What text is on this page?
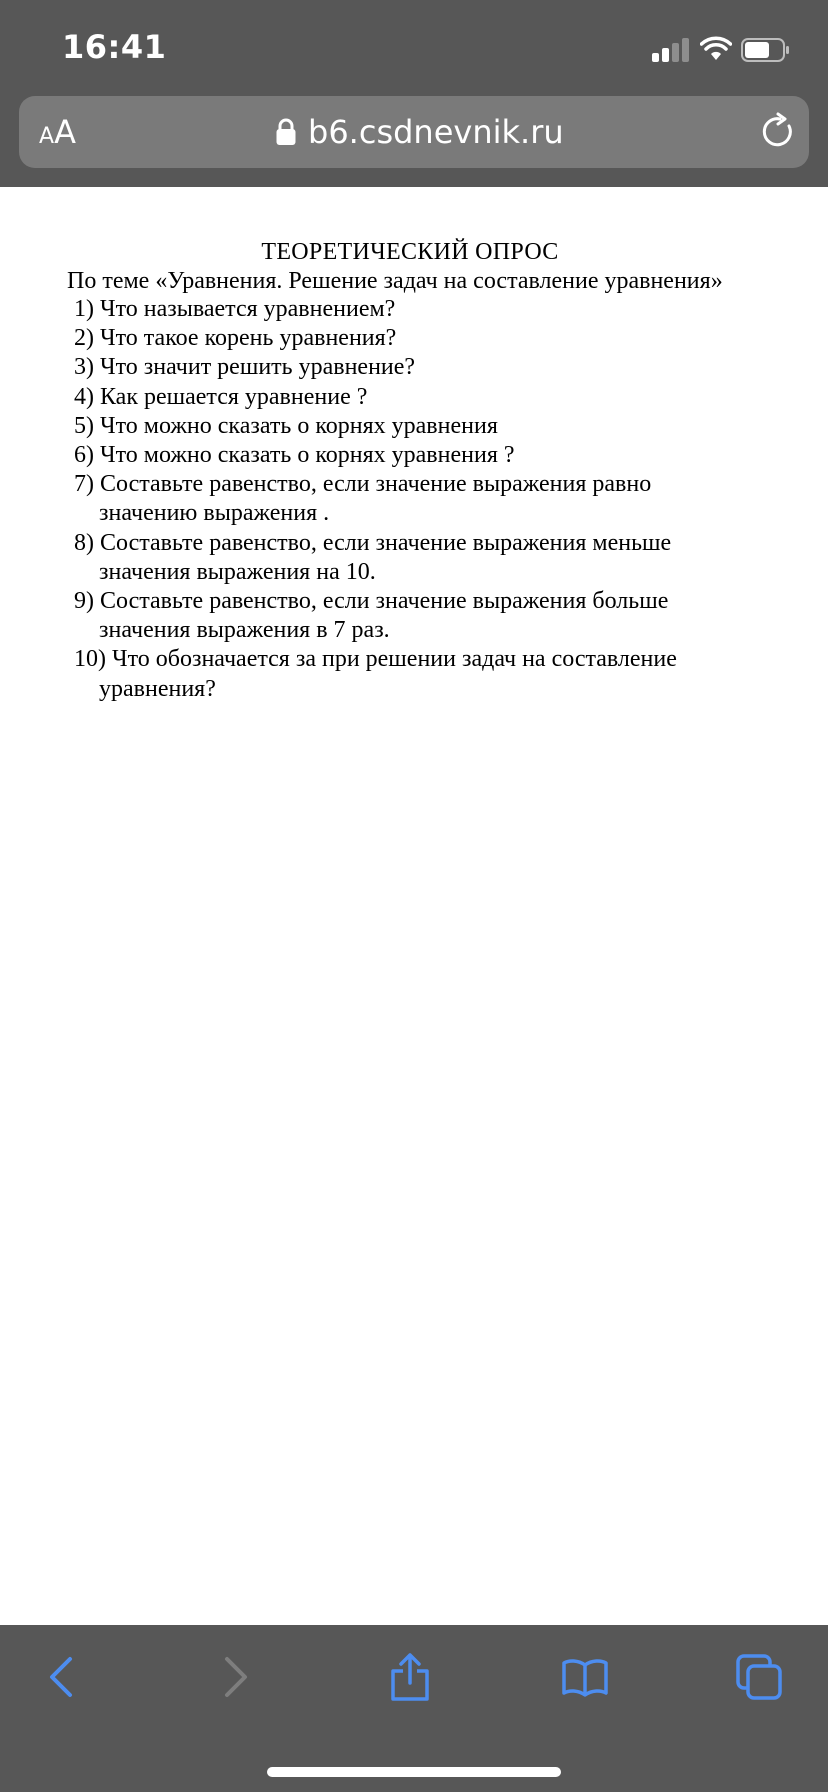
16:41
AA	b6.csdnevnik.ru
ТЕОРЕТИЧЕСКИЙ ОПРОС
По теме «Уравнения. Решение задач на составление уравнения»
1) Что называется уравнением?
2) Что такое корень уравнения?
3) Что значит решить уравнение?
4) Как решается уравнение ?
5) Что можно сказать о корнях уравнения
6) Что можно сказать о корнях уравнения ?
7) Составьте равенство, если значение выражения равно
значению выражения .
8) Составьте равенство, если значение выражения меньше
значения выражения на 10.
9) Составьте равенство, если значение выражения больше
значения выражения в 7 раз.
10) Что обозначается за при решении задач на составление
уравнения?
